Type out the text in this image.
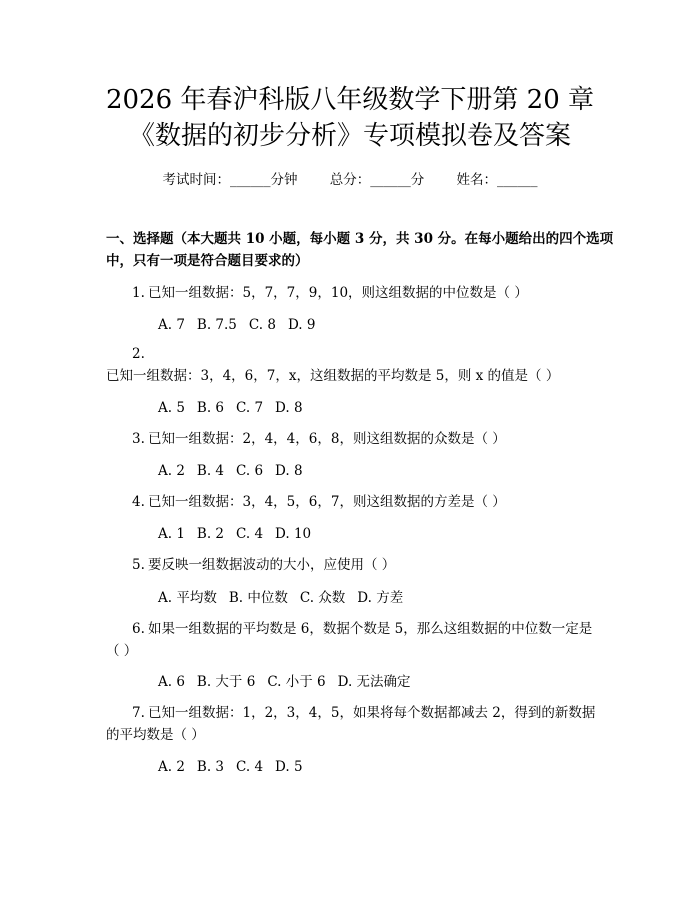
2026 年春沪科版八年级数学下册第 20 章
《数据的初步分析》专项模拟卷及答案
考试时间：______分钟 总分：______分 姓名：______
一、选择题（本大题共 10 小题，每小题 3 分，共 30 分。在每小题给出的四个选项中，只有一项是符合题目要求的）
1. 已知一组数据：5，7，7，9，10，则这组数据的中位数是（ ）
A. 7 B. 7.5 C. 8 D. 9
2.已知一组数据：3，4，6，7，x，这组数据的平均数是 5，则 x 的值是（ ）
A. 5 B. 6 C. 7 D. 8
3. 已知一组数据：2，4，4，6，8，则这组数据的众数是（ ）
A. 2 B. 4 C. 6 D. 8
4. 已知一组数据：3，4，5，6，7，则这组数据的方差是（ ）
A. 1 B. 2 C. 4 D. 10
5. 要反映一组数据波动的大小，应使用（ ）
A. 平均数 B. 中位数 C. 众数 D. 方差
6. 如果一组数据的平均数是 6，数据个数是 5，那么这组数据的中位数一定是（ ）
A. 6 B. 大于 6 C. 小于 6 D. 无法确定
7. 已知一组数据：1，2，3，4，5，如果将每个数据都减去 2，得到的新数据的平均数是（ ）
A. 2 B. 3 C. 4 D. 5
